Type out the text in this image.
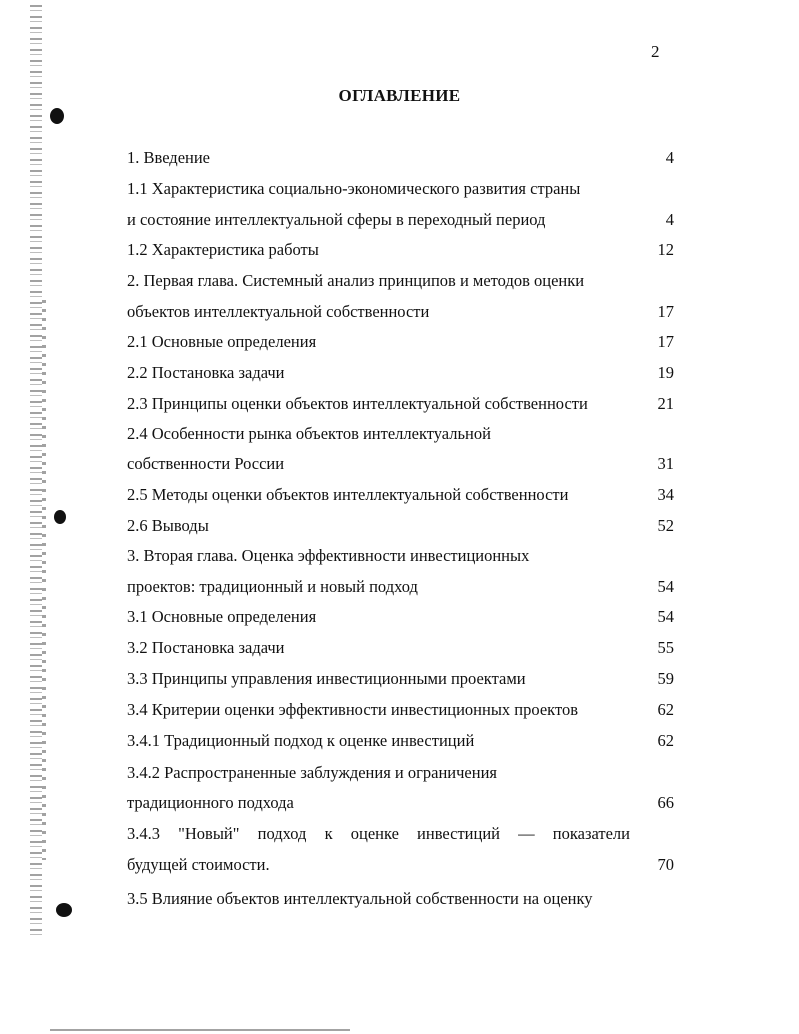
2
ОГЛАВЛЕНИЕ
1. Введение	4
1.1 Характеристика социально-экономического развития страны
и состояние интеллектуальной сферы в переходный период	4
1.2 Характеристика работы	12
2. Первая глава. Системный анализ принципов и методов оценки
объектов интеллектуальной собственности	17
2.1 Основные определения	17
2.2 Постановка задачи	19
2.3 Принципы оценки объектов интеллектуальной собственности	21
2.4 Особенности рынка объектов интеллектуальной
собственности России	31
2.5 Методы оценки объектов интеллектуальной собственности	34
2.6 Выводы	52
3. Вторая глава. Оценка эффективности инвестиционных
проектов: традиционный и новый подход	54
3.1 Основные определения	54
3.2 Постановка задачи	55
3.3 Принципы управления инвестиционными проектами	59
3.4 Критерии оценки эффективности инвестиционных проектов	62
3.4.1 Традиционный подход к оценке инвестиций	62
3.4.2 Распространенные заблуждения и ограничения
традиционного подхода	66
3.4.3 "Новый" подход к оценке инвестиций — показатели
будущей стоимости.	70
3.5 Влияние объектов интеллектуальной собственности на оценку
